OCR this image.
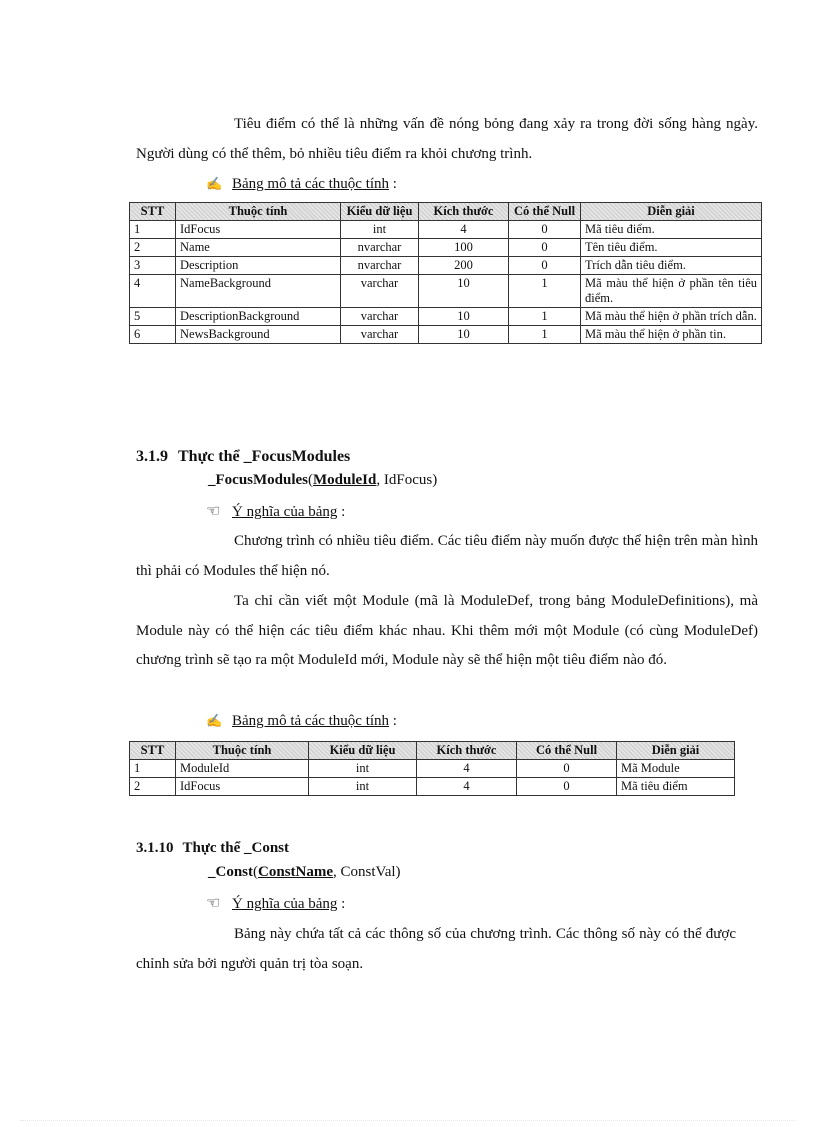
Tiêu điểm có thể là những vấn đề nóng bỏng đang xảy ra trong đời sống hàng ngày. Người dùng có thể thêm, bỏ nhiều tiêu điểm ra khỏi chương trình.

✍ Bảng mô tả các thuộc tính :
STT	Thuộc tính	Kiểu dữ liệu	Kích thước	Có thể Null	Diễn giải
1	IdFocus	int	4	0	Mã tiêu điểm.
2	Name	nvarchar	100	0	Tên tiêu điểm.
3	Description	nvarchar	200	0	Trích dẫn tiêu điểm.
4	NameBackground	varchar	10	1	Mã màu thể hiện ở phần tên tiêu điểm.
5	DescriptionBackground	varchar	10	1	Mã màu thể hiện ở phần trích dẫn.
6	NewsBackground	varchar	10	1	Mã màu thể hiện ở phần tin.
3.1.9 Thực thể _FocusModules
_FocusModules(ModuleId, IdFocus)
☜ Ý nghĩa của bảng :

Chương trình có nhiều tiêu điểm. Các tiêu điểm này muốn được thể hiện trên màn hình thì phải có Modules thể hiện nó.

Ta chỉ cần viết một Module (mã là ModuleDef, trong bảng ModuleDefinitions), mà Module này có thể hiện các tiêu điểm khác nhau. Khi thêm mới một Module (có cùng ModuleDef) chương trình sẽ tạo ra một ModuleId mới, Module này sẽ thể hiện một tiêu điểm nào đó.

✍ Bảng mô tả các thuộc tính :
STT	Thuộc tính	Kiểu dữ liệu	Kích thước	Có thể Null	Diễn giải
1	ModuleId	int	4	0	Mã Module
2	IdFocus	int	4	0	Mã tiêu điểm
3.1.10 Thực thể _Const
_Const(ConstName, ConstVal)
☜ Ý nghĩa của bảng :

Bảng này chứa tất cả các thông số của chương trình. Các thông số này có thể được chỉnh sửa bởi người quản trị tòa soạn.
